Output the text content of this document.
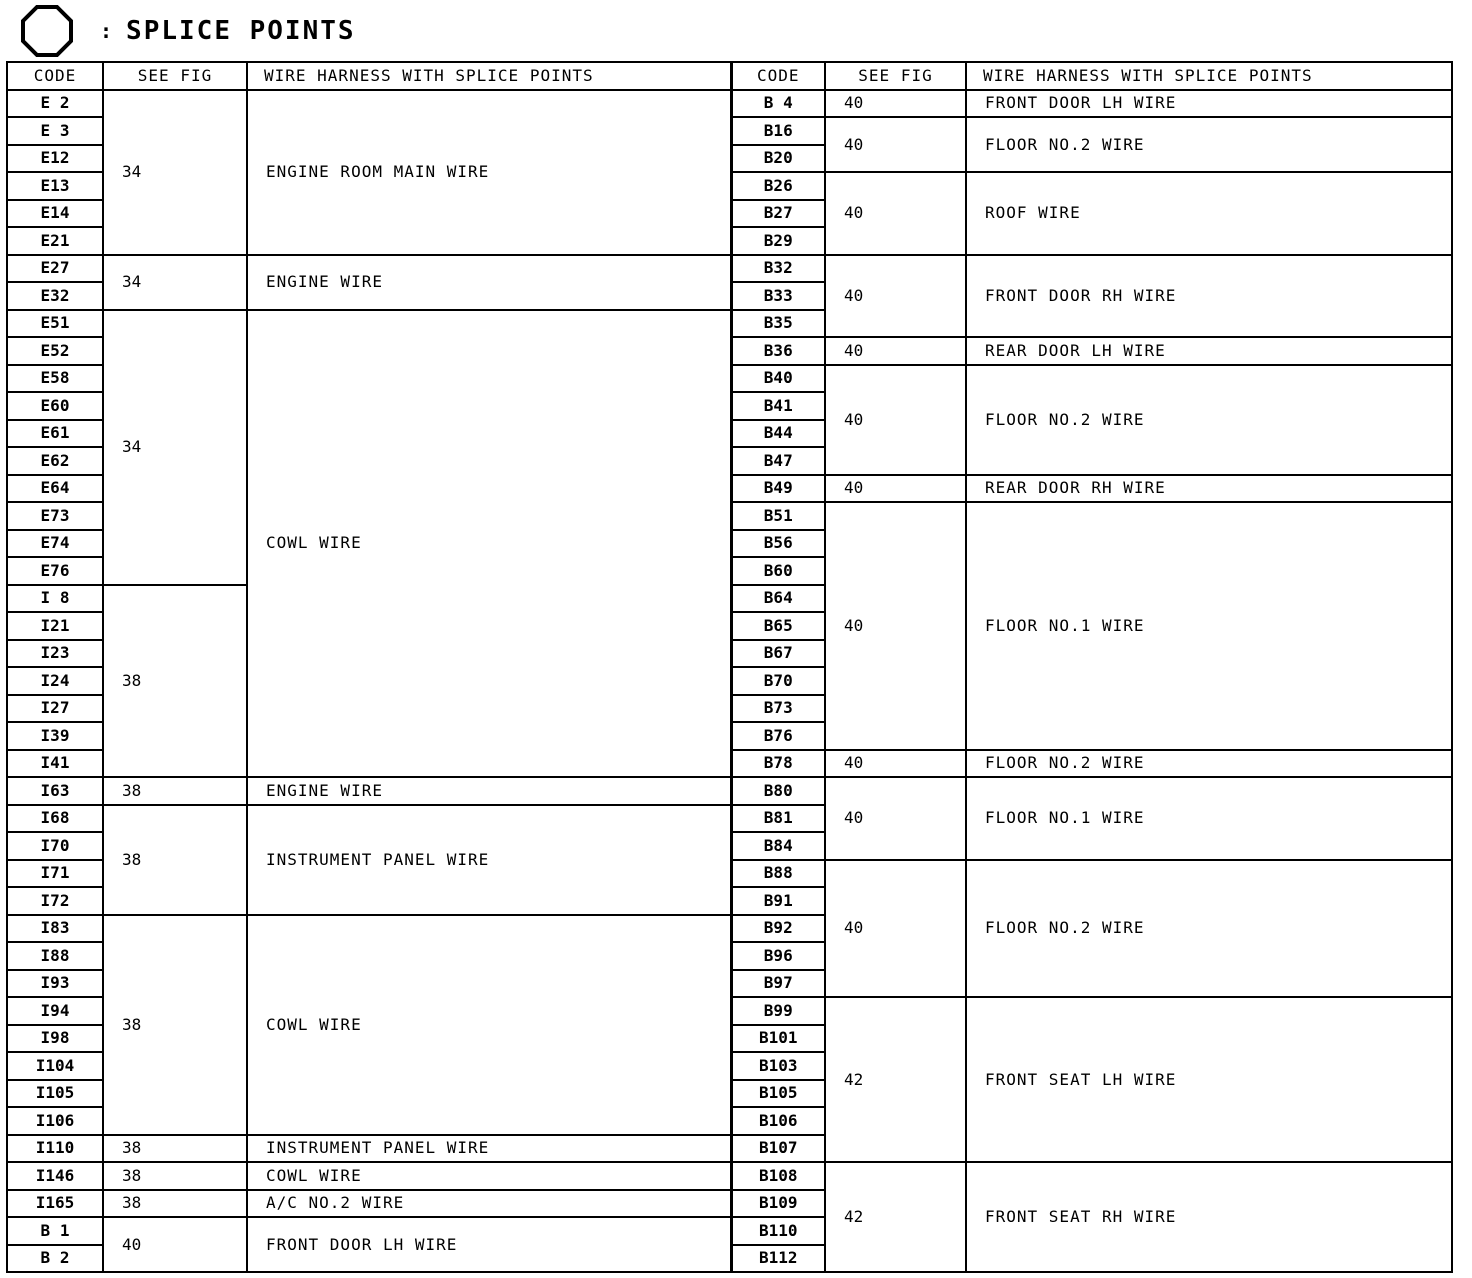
: SPLICE POINTS
CODE	SEE FIG	WIRE HARNESS WITH SPLICE POINTS	CODE	SEE FIG	WIRE HARNESS WITH SPLICE POINTS
E 2	34	ENGINE ROOM MAIN WIRE	B 4	40	FRONT DOOR LH WIRE
E 3			B16	40	FLOOR NO.2 WIRE
E12			B20		
E13			B26	40	ROOF WIRE
E14			B27		
E21			B29		
E27	34	ENGINE WIRE	B32	40	FRONT DOOR RH WIRE
E32			B33		
E51	34	COWL WIRE	B35		
E52			B36	40	REAR DOOR LH WIRE
E58			B40	40	FLOOR NO.2 WIRE
E60			B41		
E61			B44		
E62			B47		
E64			B49	40	REAR DOOR RH WIRE
E73			B51	40	FLOOR NO.1 WIRE
E74			B56		
E76			B60		
I 8	38		B64		
I21			B65		
I23			B67		
I24			B70		
I27			B73		
I39			B76		
I41			B78	40	FLOOR NO.2 WIRE
I63	38	ENGINE WIRE	B80	40	FLOOR NO.1 WIRE
I68	38	INSTRUMENT PANEL WIRE	B81		
I70			B84		
I71			B88	40	FLOOR NO.2 WIRE
I72			B91		
I83	38	COWL WIRE	B92		
I88			B96		
I93			B97		
I94			B99	42	FRONT SEAT LH WIRE
I98			B101		
I104			B103		
I105			B105		
I106			B106		
I110	38	INSTRUMENT PANEL WIRE	B107		
I146	38	COWL WIRE	B108	42	FRONT SEAT RH WIRE
I165	38	A/C NO.2 WIRE	B109		
B 1	40	FRONT DOOR LH WIRE	B110		
B 2			B112		
